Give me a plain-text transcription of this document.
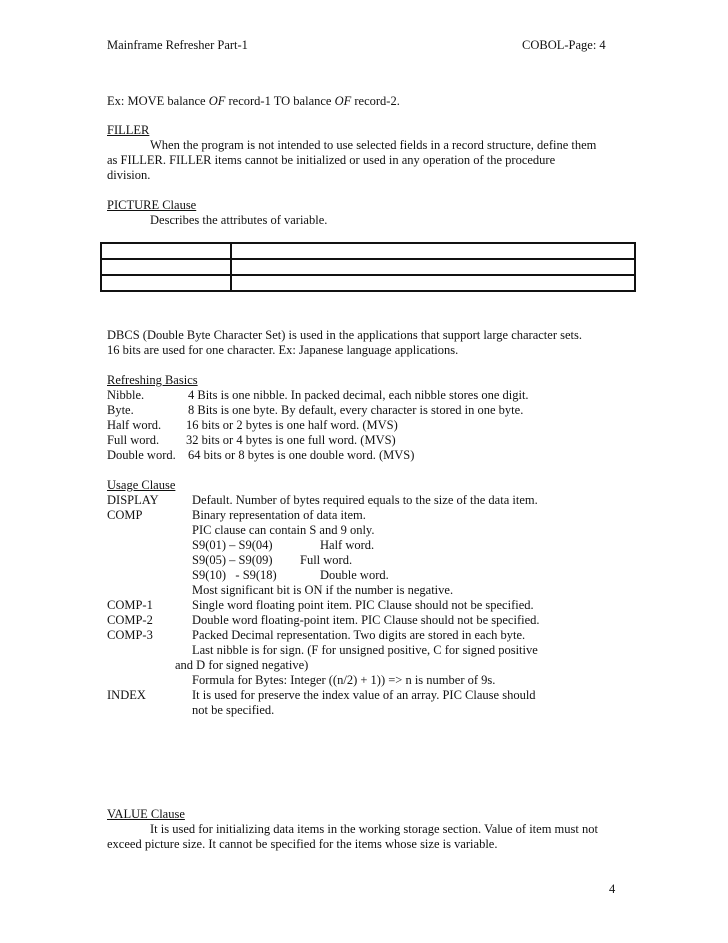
Mainframe Refresher Part-1	COBOL-Page: 4
Ex: MOVE balance OF record-1 TO balance OF record-2.
FILLER
When the program is not intended to use selected fields in a record structure, define them
as FILLER. FILLER items cannot be initialized or used in any operation of the procedure
division.
PICTURE Clause
Describes the attributes of variable.

DBCS (Double Byte Character Set) is used in the applications that support large character sets.
16 bits are used for one character. Ex: Japanese language applications.
Refreshing Basics
Nibble.	4 Bits is one nibble. In packed decimal, each nibble stores one digit.
Byte.	8 Bits is one byte. By default, every character is stored in one byte.
Half word. 16 bits or 2 bytes is one half word. (MVS)
Full word. 32 bits or 4 bytes is one full word. (MVS)
Double word. 64 bits or 8 bytes is one double word. (MVS)
Usage Clause
DISPLAY	Default. Number of bytes required equals to the size of the data item.
COMP	Binary representation of data item.
PIC clause can contain S and 9 only.
S9(01) – S9(04)	Half word.
S9(05) – S9(09) Full word.
S9(10)   - S9(18)	Double word.
Most significant bit is ON if the number is negative.
COMP-1	Single word floating point item. PIC Clause should not be specified.
COMP-2	Double word floating-point item. PIC Clause should not be specified.
COMP-3	Packed Decimal representation. Two digits are stored in each byte.
Last nibble is for sign. (F for unsigned positive, C for signed positive
and D for signed negative)
Formula for Bytes: Integer ((n/2) + 1)) => n is number of 9s.
INDEX	It is used for preserve the index value of an array. PIC Clause should
not be specified.
VALUE Clause
It is used for initializing data items in the working storage section. Value of item must not
exceed picture size. It cannot be specified for the items whose size is variable.
4
